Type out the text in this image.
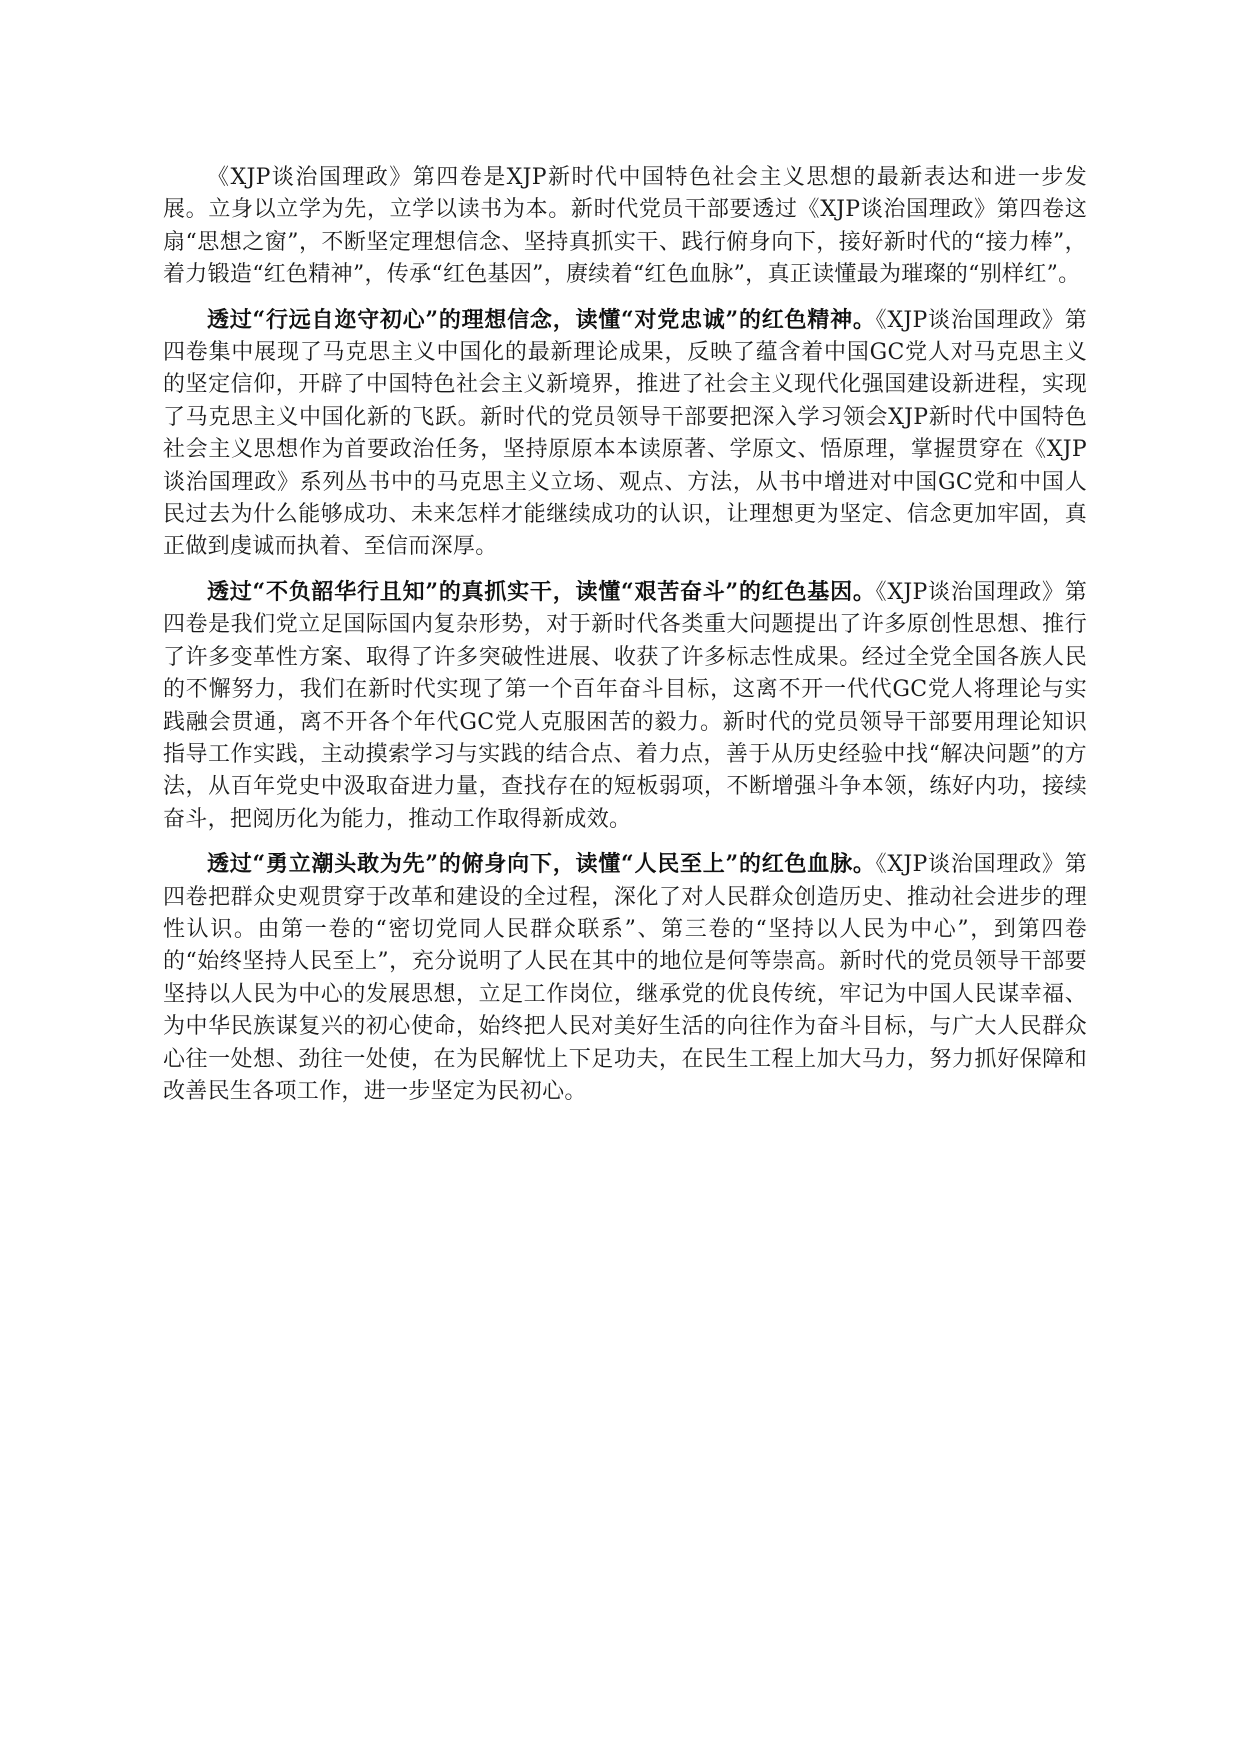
《XJP谈治国理政》第四卷是XJP新时代中国特色社会主义思想的最新表达和进一步发展。立身以立学为先，立学以读书为本。新时代党员干部要透过《XJP谈治国理政》第四卷这扇“思想之窗”，不断坚定理想信念、坚持真抓实干、践行俯身向下，接好新时代的“接力棒”，着力锻造“红色精神”，传承“红色基因”，赓续着“红色血脉”，真正读懂最为璀璨的“别样红”。

透过“行远自迩守初心”的理想信念，读懂“对党忠诚”的红色精神。《XJP谈治国理政》第四卷集中展现了马克思主义中国化的最新理论成果，反映了蕴含着中国GC党人对马克思主义的坚定信仰，开辟了中国特色社会主义新境界，推进了社会主义现代化强国建设新进程，实现了马克思主义中国化新的飞跃。新时代的党员领导干部要把深入学习领会XJP新时代中国特色社会主义思想作为首要政治任务，坚持原原本本读原著、学原文、悟原理，掌握贯穿在《XJP谈治国理政》系列丛书中的马克思主义立场、观点、方法，从书中增进对中国GC党和中国人民过去为什么能够成功、未来怎样才能继续成功的认识，让理想更为坚定、信念更加牢固，真正做到虔诚而执着、至信而深厚。

透过“不负韶华行且知”的真抓实干，读懂“艰苦奋斗”的红色基因。《XJP谈治国理政》第四卷是我们党立足国际国内复杂形势，对于新时代各类重大问题提出了许多原创性思想、推行了许多变革性方案、取得了许多突破性进展、收获了许多标志性成果。经过全党全国各族人民的不懈努力，我们在新时代实现了第一个百年奋斗目标，这离不开一代代GC党人将理论与实践融会贯通，离不开各个年代GC党人克服困苦的毅力。新时代的党员领导干部要用理论知识指导工作实践，主动摸索学习与实践的结合点、着力点，善于从历史经验中找“解决问题”的方法，从百年党史中汲取奋进力量，查找存在的短板弱项，不断增强斗争本领，练好内功，接续奋斗，把阅历化为能力，推动工作取得新成效。

透过“勇立潮头敢为先”的俯身向下，读懂“人民至上”的红色血脉。《XJP谈治国理政》第四卷把群众史观贯穿于改革和建设的全过程，深化了对人民群众创造历史、推动社会进步的理性认识。由第一卷的“密切党同人民群众联系”、第三卷的“坚持以人民为中心”，到第四卷的“始终坚持人民至上”，充分说明了人民在其中的地位是何等崇高。新时代的党员领导干部要坚持以人民为中心的发展思想，立足工作岗位，继承党的优良传统，牢记为中国人民谋幸福、为中华民族谋复兴的初心使命，始终把人民对美好生活的向往作为奋斗目标，与广大人民群众心往一处想、劲往一处使，在为民解忧上下足功夫，在民生工程上加大马力，努力抓好保障和改善民生各项工作，进一步坚定为民初心。
